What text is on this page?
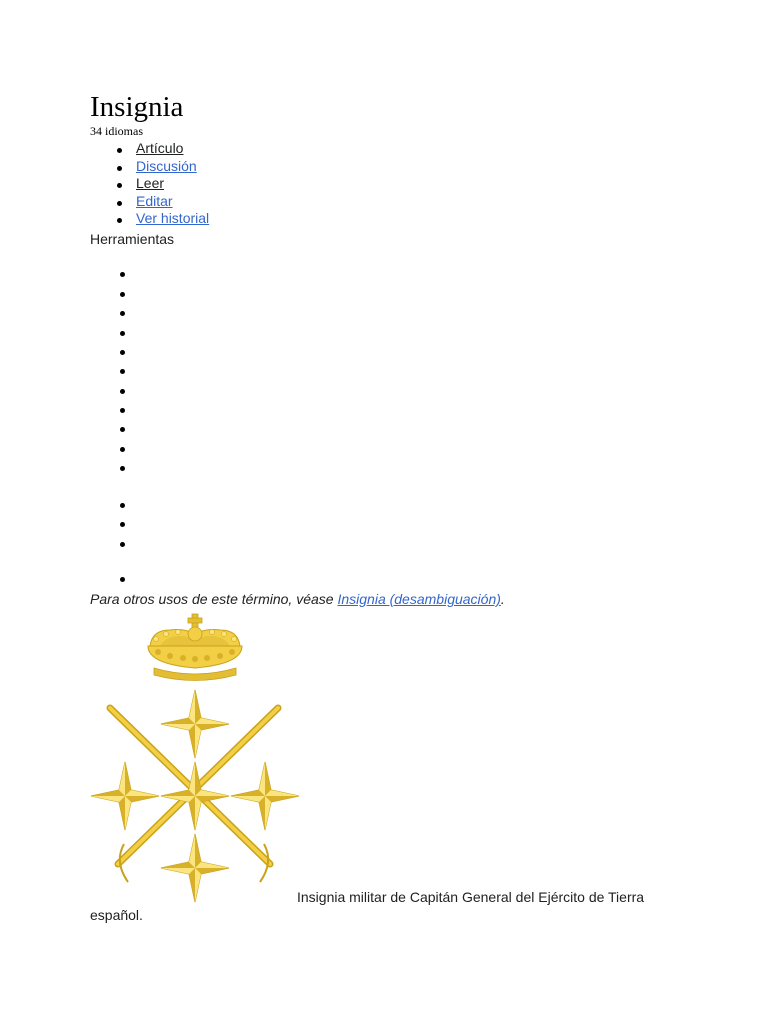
Insignia
34 idiomas
Artículo
Discusión
Leer
Editar
Ver historial
Herramientas
Para otros usos de este término, véase Insignia (desambiguación).
Insignia militar de Capitán General del Ejército de Tierra español.
